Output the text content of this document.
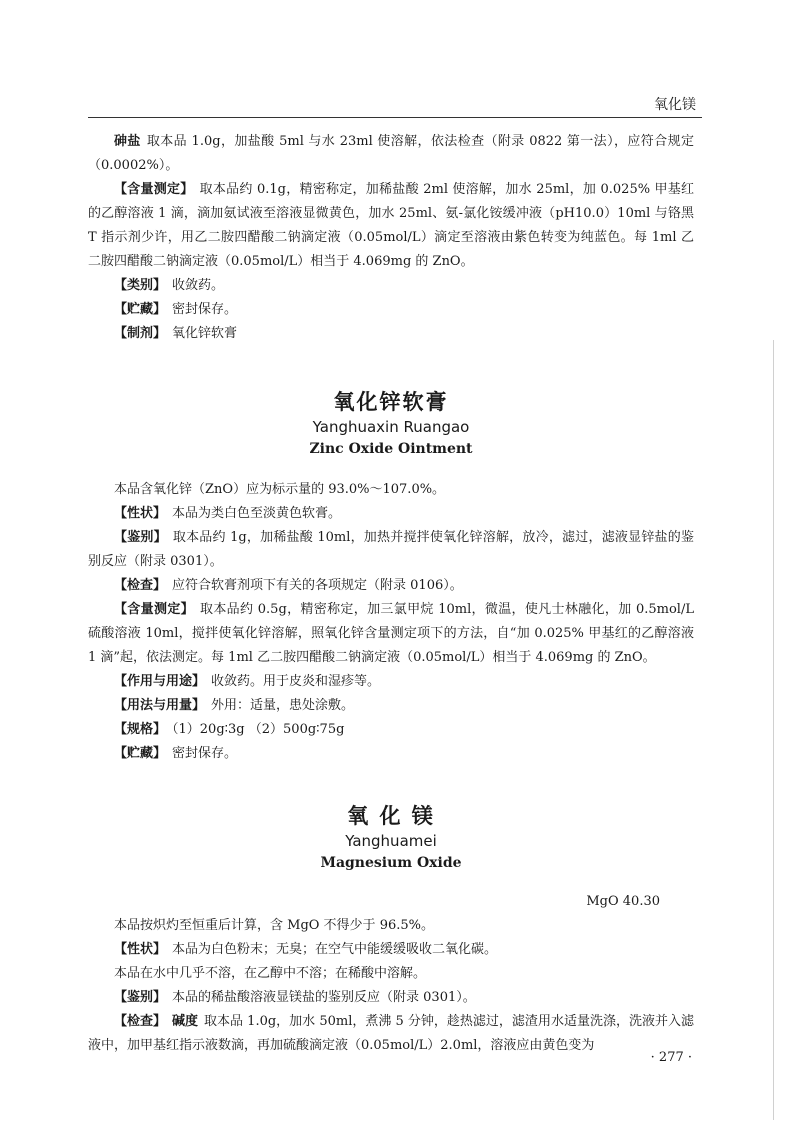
氧化镁

砷盐 取本品 1.0g，加盐酸 5ml 与水 23ml 使溶解，依法检查（附录 0822 第一法），应符合规定（0.0002%）。

【含量测定】 取本品约 0.1g，精密称定，加稀盐酸 2ml 使溶解，加水 25ml，加 0.025% 甲基红的乙醇溶液 1 滴，滴加氨试液至溶液显微黄色，加水 25ml、氨-氯化铵缓冲液（pH10.0）10ml 与铬黑 T 指示剂少许，用乙二胺四醋酸二钠滴定液（0.05mol/L）滴定至溶液由紫色转变为纯蓝色。每 1ml 乙二胺四醋酸二钠滴定液（0.05mol/L）相当于 4.069mg 的 ZnO。

【类别】 收敛药。

【贮藏】 密封保存。

【制剂】 氧化锌软膏

氧化锌软膏

Yanghuaxin Ruangao

Zinc Oxide Ointment

本品含氧化锌（ZnO）应为标示量的 93.0%～107.0%。

【性状】 本品为类白色至淡黄色软膏。

【鉴别】 取本品约 1g，加稀盐酸 10ml，加热并搅拌使氧化锌溶解，放冷，滤过，滤液显锌盐的鉴别反应（附录 0301）。

【检查】 应符合软膏剂项下有关的各项规定（附录 0106）。

【含量测定】 取本品约 0.5g，精密称定，加三氯甲烷 10ml，微温，使凡士林融化，加 0.5mol/L 硫酸溶液 10ml，搅拌使氧化锌溶解，照氧化锌含量测定项下的方法，自“加 0.025% 甲基红的乙醇溶液 1 滴”起，依法测定。每 1ml 乙二胺四醋酸二钠滴定液（0.05mol/L）相当于 4.069mg 的 ZnO。

【作用与用途】 收敛药。用于皮炎和湿疹等。

【用法与用量】 外用：适量，患处涂敷。

【规格】 （1）20g∶3g （2）500g∶75g

【贮藏】 密封保存。

氧 化 镁

Yanghuamei

Magnesium Oxide

MgO 40.30

本品按炽灼至恒重后计算，含 MgO 不得少于 96.5%。

【性状】 本品为白色粉末；无臭；在空气中能缓缓吸收二氧化碳。

本品在水中几乎不溶，在乙醇中不溶；在稀酸中溶解。

【鉴别】 本品的稀盐酸溶液显镁盐的鉴别反应（附录 0301）。

【检查】 碱度 取本品 1.0g，加水 50ml，煮沸 5 分钟，趁热滤过，滤渣用水适量洗涤，洗液并入滤液中，加甲基红指示液数滴，再加硫酸滴定液（0.05mol/L）2.0ml，溶液应由黄色变为

· 277 ·
